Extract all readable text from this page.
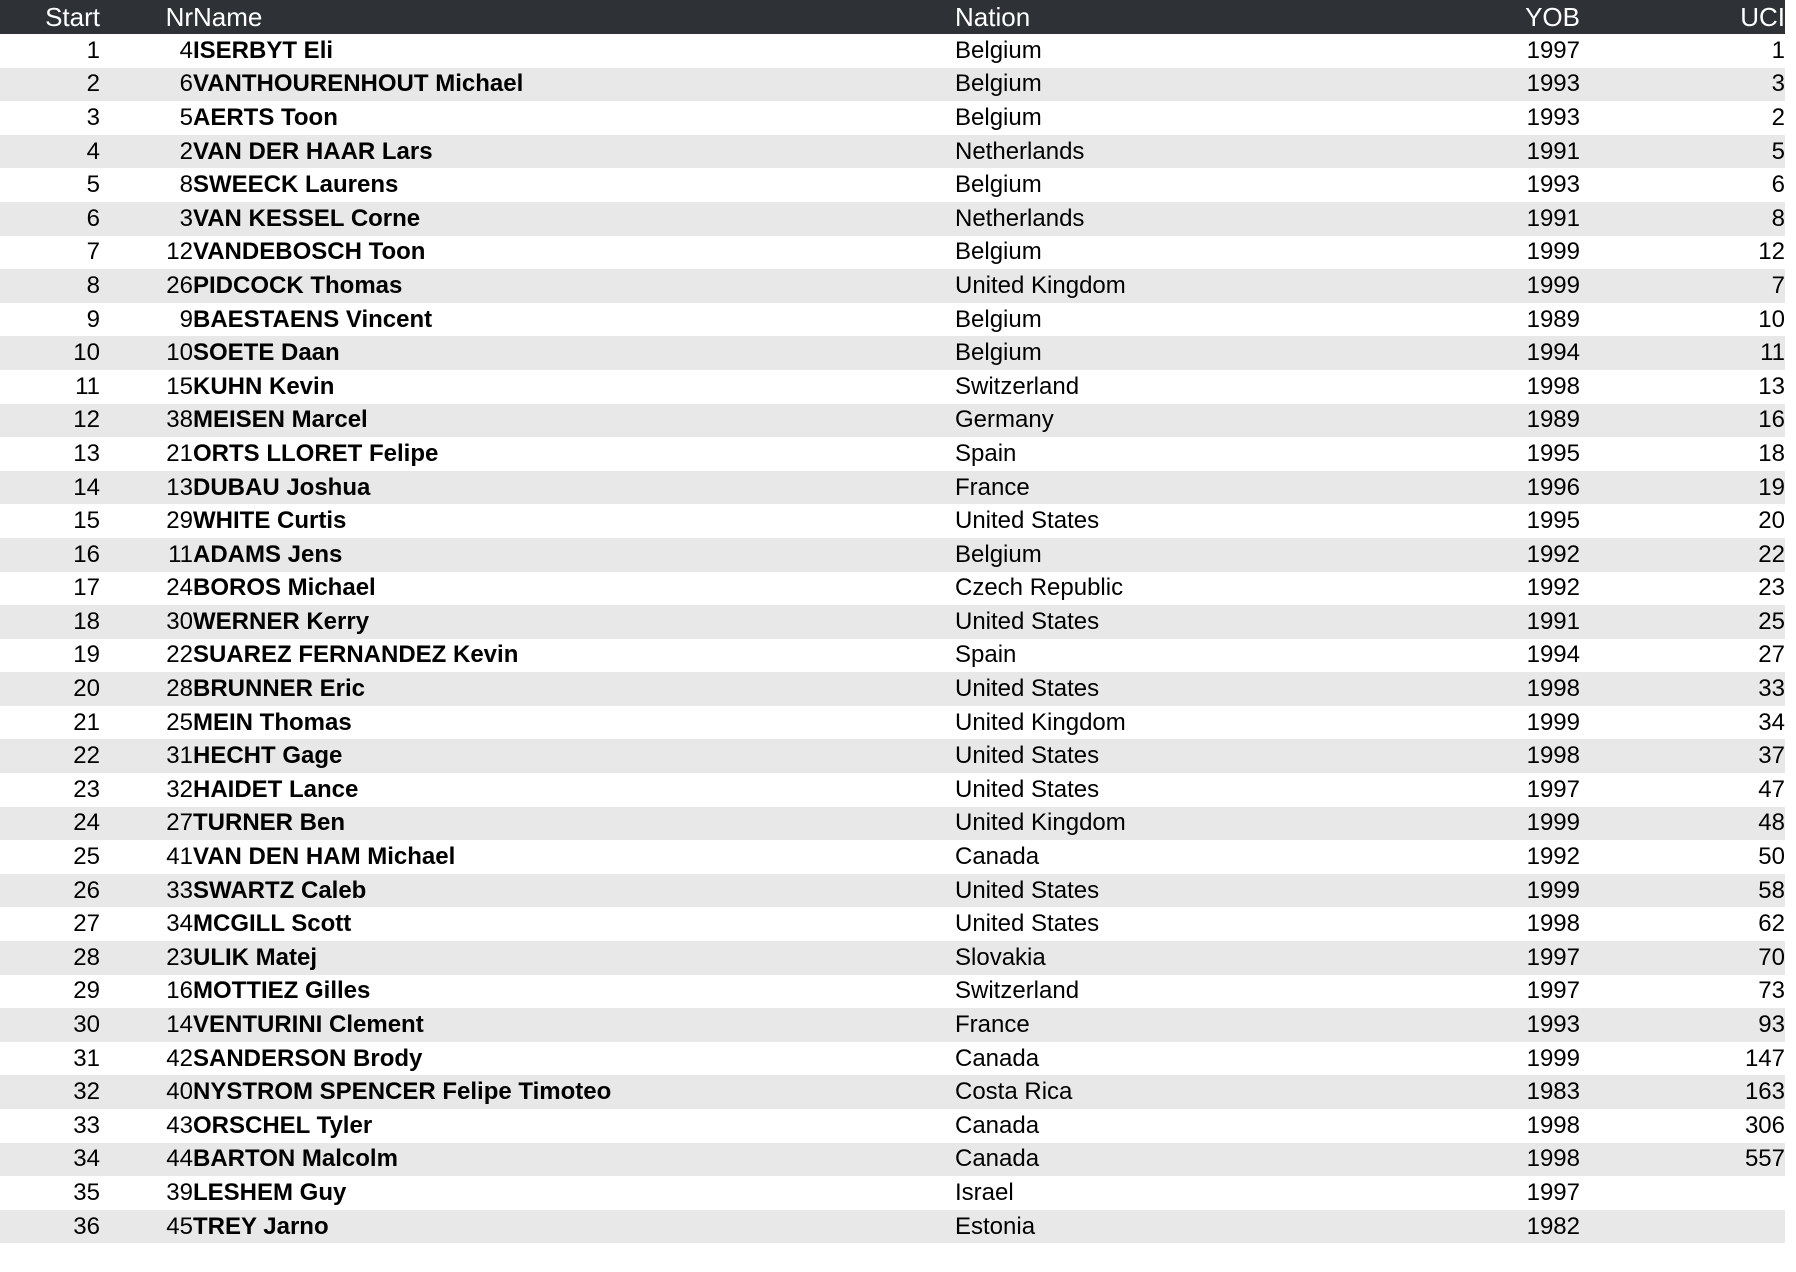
Start	Nr	Name	Nation	YOB	UCI
1	4	ISERBYT Eli	Belgium	1997	1
2	6	VANTHOURENHOUT Michael	Belgium	1993	3
3	5	AERTS Toon	Belgium	1993	2
4	2	VAN DER HAAR Lars	Netherlands	1991	5
5	8	SWEECK Laurens	Belgium	1993	6
6	3	VAN KESSEL Corne	Netherlands	1991	8
7	12	VANDEBOSCH Toon	Belgium	1999	12
8	26	PIDCOCK Thomas	United Kingdom	1999	7
9	9	BAESTAENS Vincent	Belgium	1989	10
10	10	SOETE Daan	Belgium	1994	11
11	15	KUHN Kevin	Switzerland	1998	13
12	38	MEISEN Marcel	Germany	1989	16
13	21	ORTS LLORET Felipe	Spain	1995	18
14	13	DUBAU Joshua	France	1996	19
15	29	WHITE Curtis	United States	1995	20
16	11	ADAMS Jens	Belgium	1992	22
17	24	BOROS Michael	Czech Republic	1992	23
18	30	WERNER Kerry	United States	1991	25
19	22	SUAREZ FERNANDEZ Kevin	Spain	1994	27
20	28	BRUNNER Eric	United States	1998	33
21	25	MEIN Thomas	United Kingdom	1999	34
22	31	HECHT Gage	United States	1998	37
23	32	HAIDET Lance	United States	1997	47
24	27	TURNER Ben	United Kingdom	1999	48
25	41	VAN DEN HAM Michael	Canada	1992	50
26	33	SWARTZ Caleb	United States	1999	58
27	34	MCGILL Scott	United States	1998	62
28	23	ULIK Matej	Slovakia	1997	70
29	16	MOTTIEZ Gilles	Switzerland	1997	73
30	14	VENTURINI Clement	France	1993	93
31	42	SANDERSON Brody	Canada	1999	147
32	40	NYSTROM SPENCER Felipe Timoteo	Costa Rica	1983	163
33	43	ORSCHEL Tyler	Canada	1998	306
34	44	BARTON Malcolm	Canada	1998	557
35	39	LESHEM Guy	Israel	1997	
36	45	TREY Jarno	Estonia	1982	
